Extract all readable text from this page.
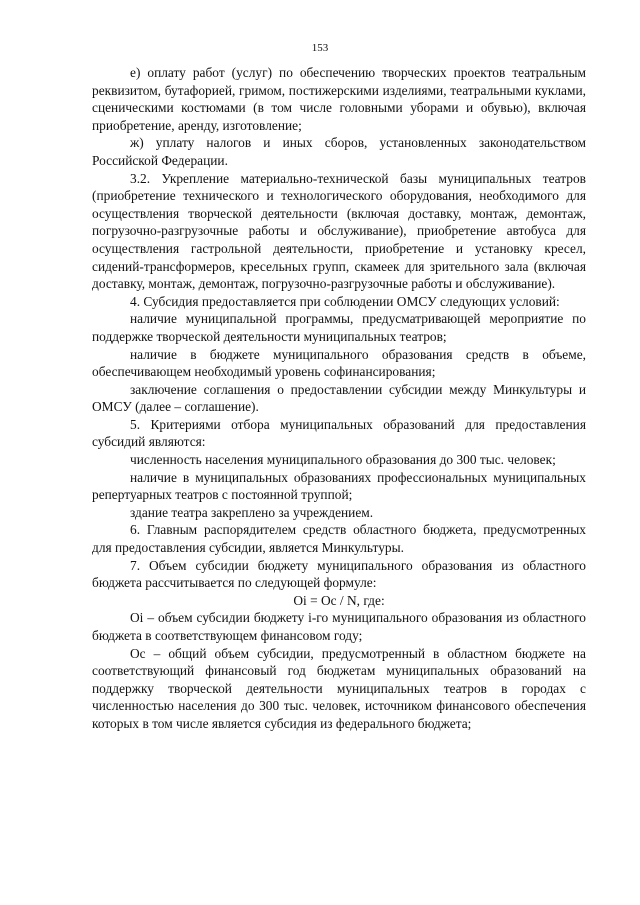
153

е) оплату работ (услуг) по обеспечению творческих проектов театральным реквизитом, бутафорией, гримом, постижерскими изделиями, театральными куклами, сценическими костюмами (в том числе головными уборами и обувью), включая приобретение, аренду, изготовление;

ж) уплату налогов и иных сборов, установленных законодательством Российской Федерации.

3.2. Укрепление материально-технической базы муниципальных театров (приобретение технического и технологического оборудования, необходимого для осуществления творческой деятельности (включая доставку, монтаж, демонтаж, погрузочно-разгрузочные работы и обслуживание), приобретение автобуса для осуществления гастрольной деятельности, приобретение и установку кресел, сидений-трансформеров, кресельных групп, скамеек для зрительного зала (включая доставку, монтаж, демонтаж, погрузочно-разгрузочные работы и обслуживание).

4. Субсидия предоставляется при соблюдении ОМСУ следующих условий:

наличие муниципальной программы, предусматривающей мероприятие по поддержке творческой деятельности муниципальных театров;

наличие в бюджете муниципального образования средств в объеме, обеспечивающем необходимый уровень софинансирования;

заключение соглашения о предоставлении субсидии между Минкультуры и ОМСУ (далее – соглашение).

5. Критериями отбора муниципальных образований для предоставления субсидий являются:

численность населения муниципального образования до 300 тыс. человек;

наличие в муниципальных образованиях профессиональных муниципальных репертуарных театров с постоянной труппой;

здание театра закреплено за учреждением.

6. Главным распорядителем средств областного бюджета, предусмотренных для предоставления субсидии, является Минкультуры.

7. Объем субсидии бюджету муниципального образования из областного бюджета рассчитывается по следующей формуле:

Oi = Oc / N, где:

Oi – объем субсидии бюджету i-го муниципального образования из областного бюджета в соответствующем финансовом году;

Oc – общий объем субсидии, предусмотренный в областном бюджете на соответствующий финансовый год бюджетам муниципальных образований на поддержку творческой деятельности муниципальных театров в городах с численностью населения до 300 тыс. человек, источником финансового обеспечения которых в том числе является субсидия из федерального бюджета;
